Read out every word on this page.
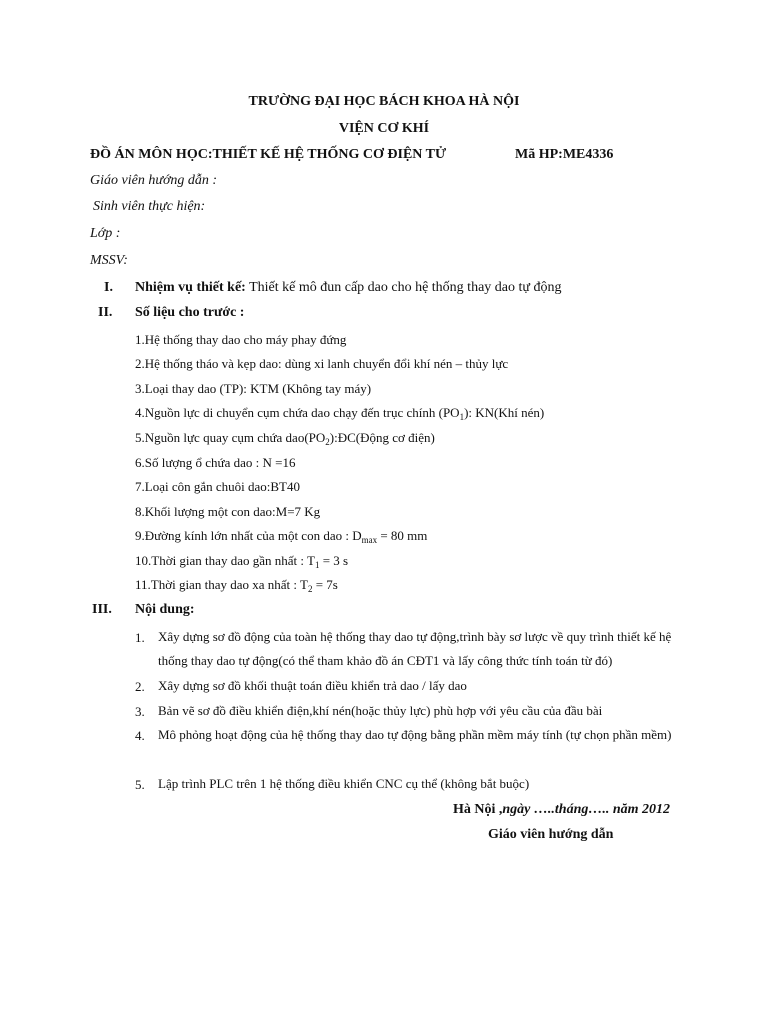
TRƯỜNG ĐẠI HỌC BÁCH KHOA HÀ NỘI
VIỆN CƠ KHÍ
ĐỒ ÁN MÔN HỌC:THIẾT KẾ HỆ THỐNG CƠ ĐIỆN TỬ	Mã HP:ME4336
Giáo viên hướng dẫn :
Sinh viên thực hiện:
Lớp :
MSSV:
I. Nhiệm vụ thiết kế: Thiết kế mô đun cấp dao cho hệ thống thay dao tự động
II. Số liệu cho trước :
1.Hệ thống thay dao cho máy phay đứng
2.Hệ thống tháo và kẹp dao: dùng xi lanh chuyển đổi khí nén – thủy lực
3.Loại thay dao (TP): KTM (Không tay máy)
4.Nguồn lực di chuyển cụm chứa dao chạy đến trục chính $(PO_1)$: KN(Khí nén)
5.Nguồn lực quay cụm chứa $dao(PO_2):ĐC(Động$ cơ điện)
6.Số lượng ổ chứa dao : N =16
7.Loại côn gắn chuôi dao:BT40
8.Khối lượng một con dao:M=7 Kg
9.Đường kính lớn nhất của một con dao : $D_{max} = 80$ mm
10.Thời gian thay dao gần nhất : $T_1 = 3$ s
11.Thời gian thay dao xa nhất : $T_2 = 7s$
III. Nội dung:
1. Xây dựng sơ đồ động của toàn hệ thống thay dao tự động,trình bày sơ lược về quy trình thiết kế hệ thống thay dao tự động(có thể tham khảo đồ án CĐT1 và lấy công thức tính toán từ đó)
2. Xây dựng sơ đồ khối thuật toán điều khiển trả dao / lấy dao
3. Bản vẽ sơ đồ điều khiển điện,khí nén(hoặc thủy lực) phù hợp với yêu cầu của đầu bài
4. Mô phỏng hoạt động của hệ thống thay dao tự động bằng phần mềm máy tính (tự chọn phần mềm)
5. Lập trình PLC trên 1 hệ thống điều khiển CNC cụ thể (không bắt buộc)
Hà Nội ,ngày …..tháng….. năm 2012
Giáo viên hướng dẫn
